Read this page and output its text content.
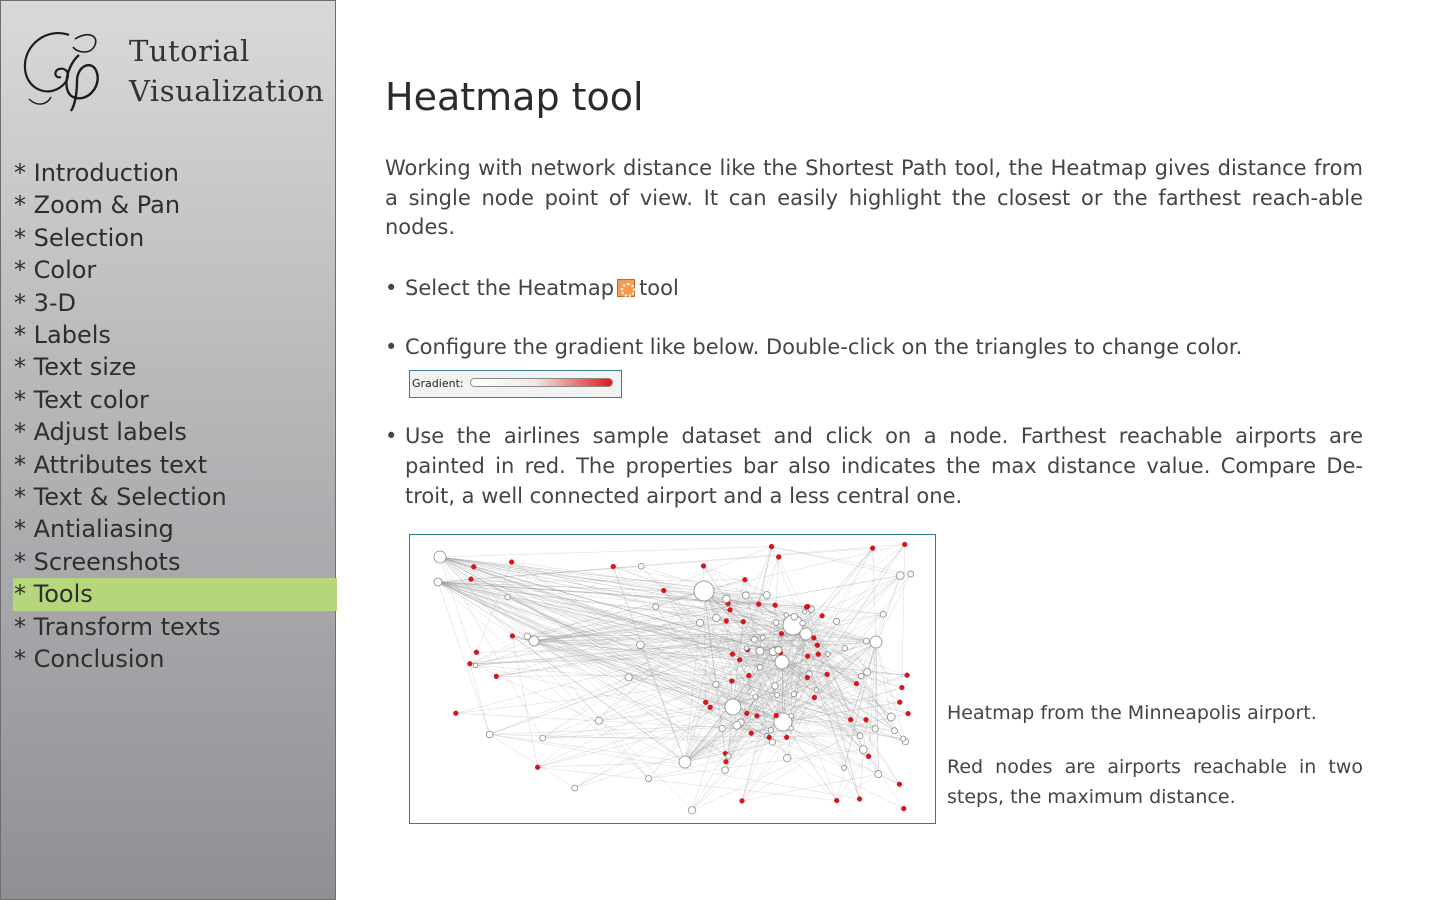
Tutorial
Visualization
* Introduction
* Zoom & Pan
* Selection
* Color
* 3-D
* Labels
* Text size
* Text color
* Adjust labels
* Attributes text
* Text & Selection
* Antialiasing
* Screenshots
* Tools
* Transform texts
* Conclusion
Heatmap tool

Working with network distance like the Shortest Path tool, the Heatmap gives distance from a single node point of view. It can easily highlight the closest or the farthest reach-able nodes.

• Select the Heatmap tool
• Configure the gradient like below. Double-click on the triangles to change color.
Gradient:
• Use the airlines sample dataset and click on a node. Farthest reachable airports are painted in red. The properties bar also indicates the max distance value. Compare De-troit, a well connected airport and a less central one.

Heatmap from the Minneapolis airport.

Red nodes are airports reachable in two steps, the maximum distance.
